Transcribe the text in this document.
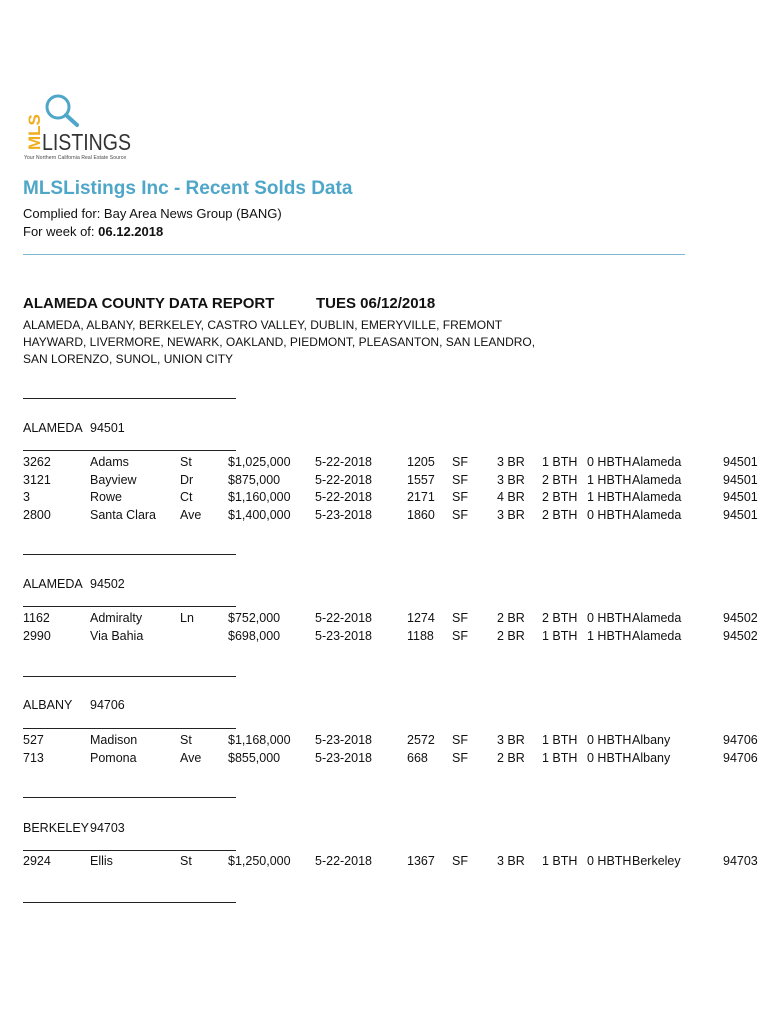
MLS
LISTINGS
Your Northern California Real Estate Source
MLSListings Inc - Recent Solds Data
Complied for: Bay Area News Group (BANG)
For week of: 06.12.2018
ALAMEDA COUNTY DATA REPORT	TUES 06/12/2018
ALAMEDA, ALBANY, BERKELEY, CASTRO VALLEY, DUBLIN, EMERYVILLE, FREMONT
HAYWARD, LIVERMORE, NEWARK, OAKLAND, PIEDMONT, PLEASANTON, SAN LEANDRO,
SAN LORENZO, SUNOL, UNION CITY
ALAMEDA 94501
3262	Adams	St	$1,025,000 5-22-2018	1205 SF 3 BR 1 BTH 0 HBTH Alameda	94501
3121	Bayview	Dr	$875,000	5-22-2018	1557 SF 3 BR 2 BTH 1 HBTH Alameda	94501
3	Rowe	Ct	$1,160,000 5-22-2018	2171 SF 4 BR 2 BTH 1 HBTH Alameda	94501
2800	Santa Clara Ave $1,400,000 5-23-2018	1860 SF 3 BR 2 BTH 0 HBTH Alameda	94501
ALAMEDA 94502
1162	Admiralty	Ln	$752,000	5-22-2018	1274 SF 2 BR 2 BTH 0 HBTH Alameda	94502
2990	Via Bahia	$698,000	5-23-2018	1188 SF 2 BR 1 BTH 1 HBTH Alameda	94502
ALBANY 94706
527	Madison	St	$1,168,000 5-23-2018	2572 SF 3 BR 1 BTH 0 HBTH Albany	94706
713	Pomona	Ave $855,000	5-23-2018	668 SF 2 BR 1 BTH 0 HBTH Albany	94706
BERKELEY 94703
2924	Ellis	St	$1,250,000 5-22-2018	1367 SF 3 BR 1 BTH 0 HBTH Berkeley	94703
